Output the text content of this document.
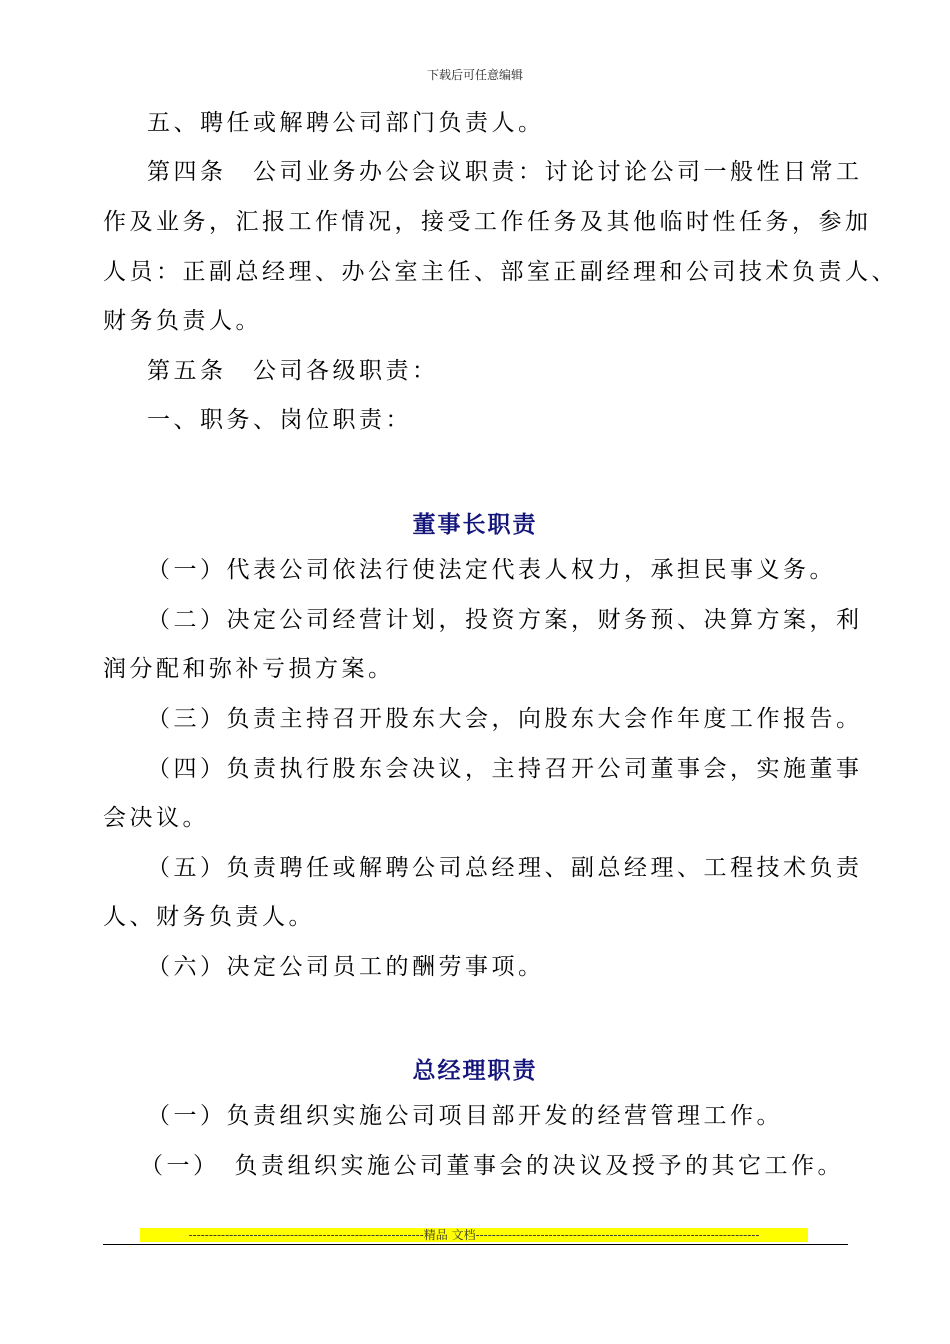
下载后可任意编辑
五、聘任或解聘公司部门负责人。
第四条　公司业务办公会议职责：讨论讨论公司一般性日常工
作及业务，汇报工作情况，接受工作任务及其他临时性任务，参加
人员：正副总经理、办公室主任、部室正副经理和公司技术负责人、
财务负责人。
第五条　公司各级职责：
一、职务、岗位职责：
董事长职责
（一）代表公司依法行使法定代表人权力，承担民事义务。
（二）决定公司经营计划，投资方案，财务预、决算方案，利
润分配和弥补亏损方案。
（三）负责主持召开股东大会，向股东大会作年度工作报告。
（四）负责执行股东会决议，主持召开公司董事会，实施董事
会决议。
（五）负责聘任或解聘公司总经理、副总经理、工程技术负责
人、财务负责人。
（六）决定公司员工的酬劳事项。
总经理职责
（一）负责组织实施公司项目部开发的经营管理工作。
（一）　负责组织实施公司董事会的决议及授予的其它工作。
----------------------------------------------------------精品 文档----------------------------------------------------------------------
